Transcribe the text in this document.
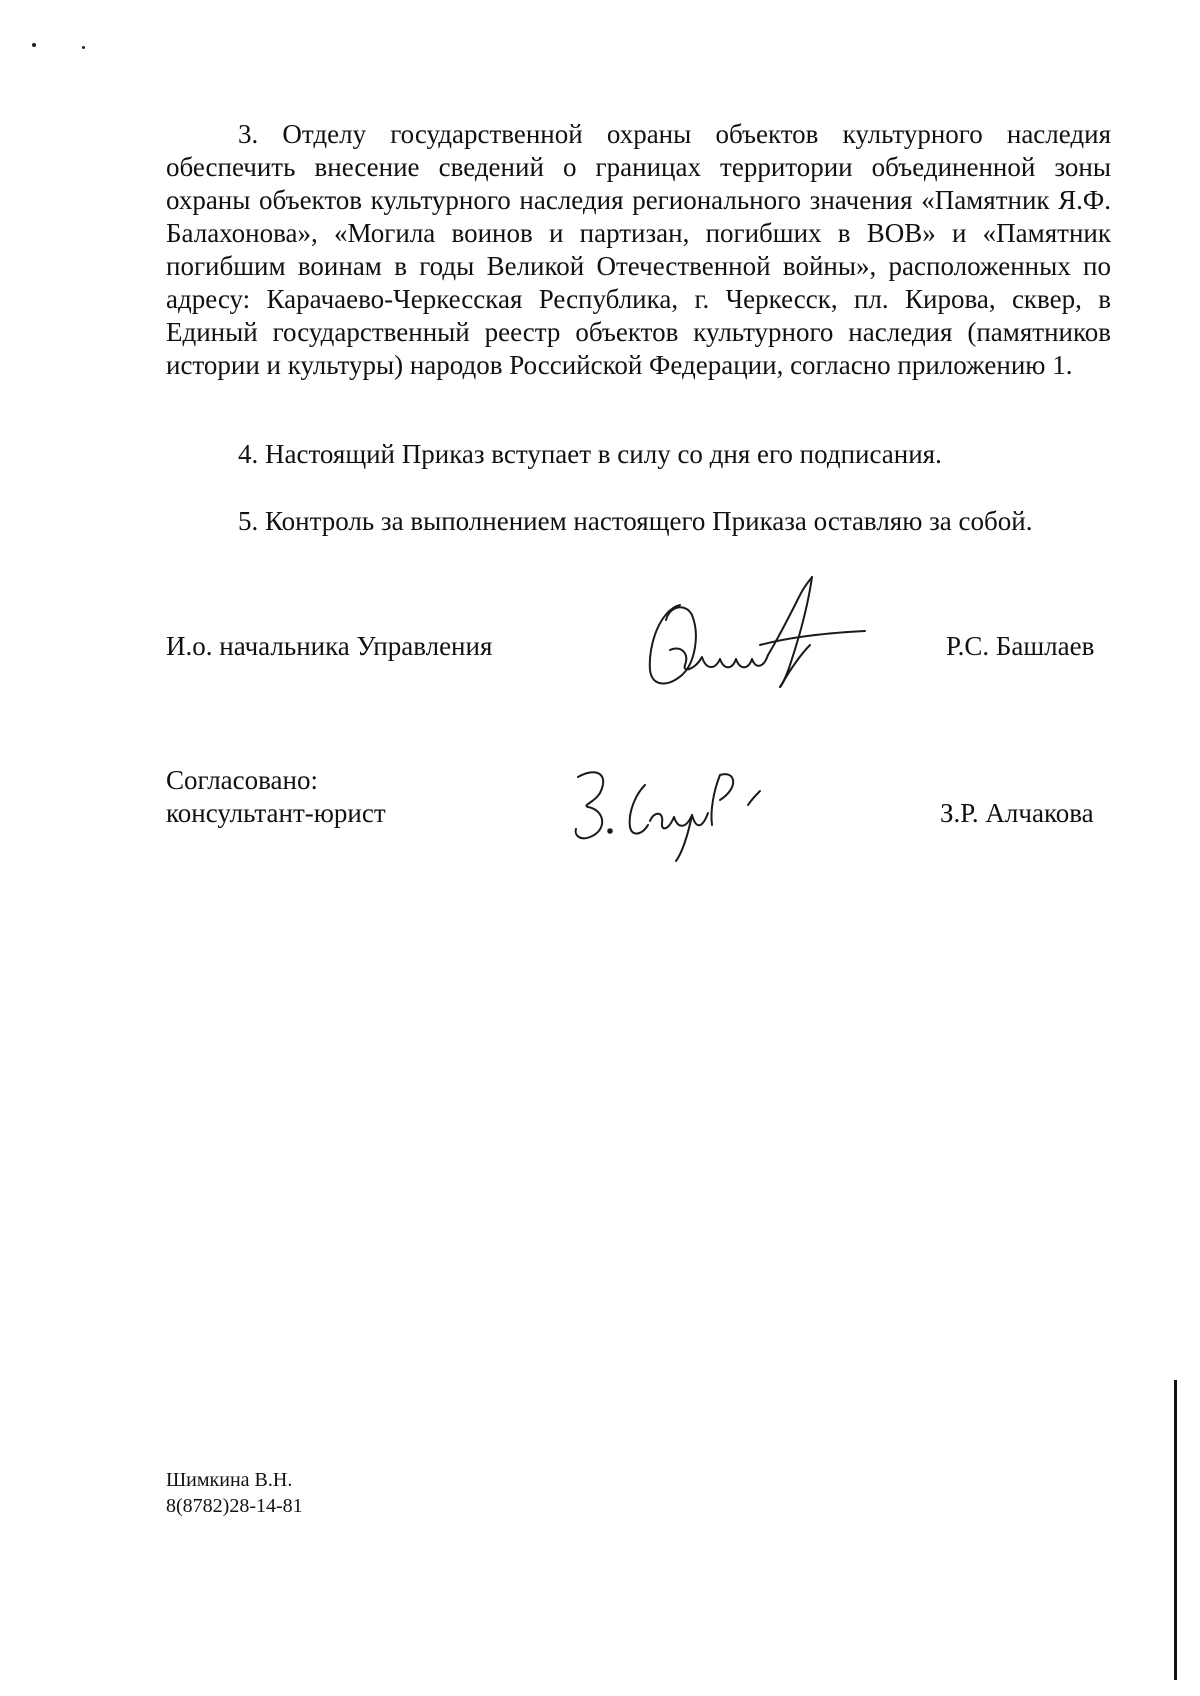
3. Отделу государственной охраны объектов культурного наследия обеспечить внесение сведений о границах территории объединенной зоны охраны объектов культурного наследия регионального значения «Памятник Я.Ф. Балахонова», «Могила воинов и партизан, погибших в ВОВ» и «Памятник погибшим воинам в годы Великой Отечественной войны», расположенных по адресу: Карачаево-Черкесская Республика, г. Черкесск, пл. Кирова, сквер, в Единый государственный реестр объектов культурного наследия (памятников истории и культуры) народов Российской Федерации, согласно приложению 1.

4. Настоящий Приказ вступает в силу со дня его подписания.

5. Контроль за выполнением настоящего Приказа оставляю за собой.

И.о. начальника Управления	Р.С. Башлаев
Согласовано:
консультант-юрист	З.Р. Алчакова
Шимкина В.Н.
8(8782)28-14-81
